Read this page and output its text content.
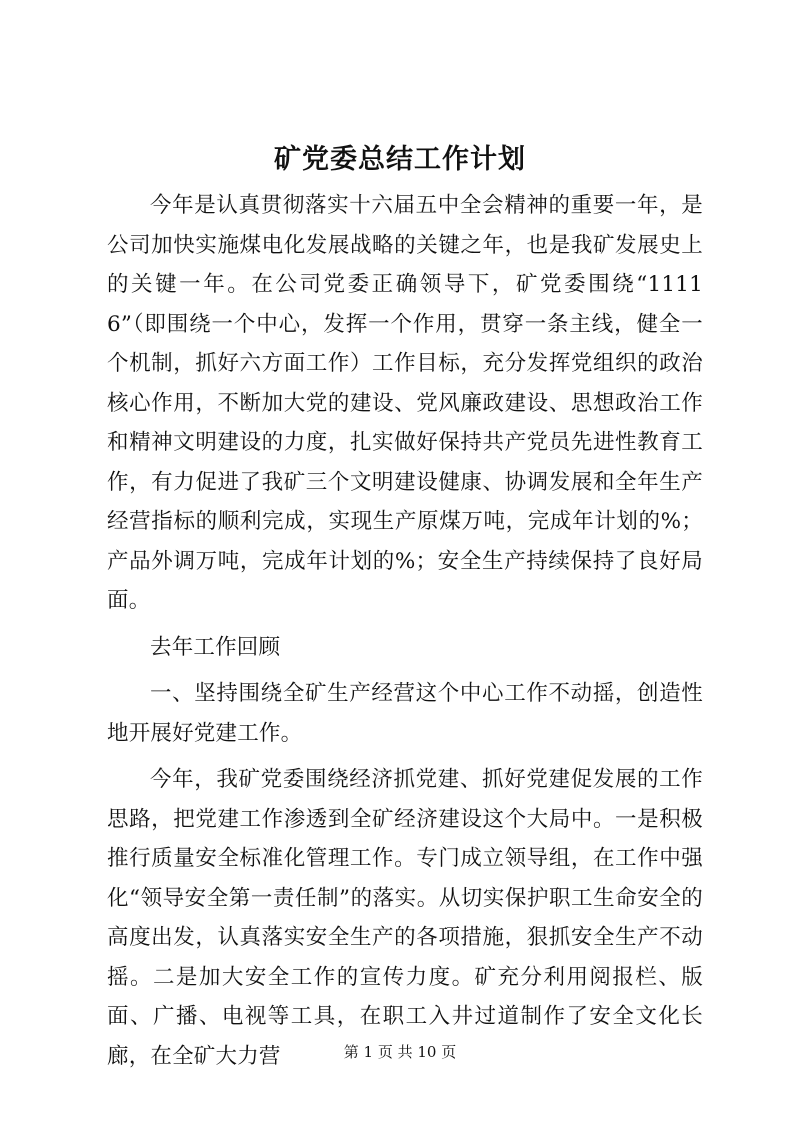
矿党委总结工作计划

今年是认真贯彻落实十六届五中全会精神的重要一年，是公司加快实施煤电化发展战略的关键之年，也是我矿发展史上的关键一年。在公司党委正确领导下，矿党委围绕“11116”（即围绕一个中心，发挥一个作用，贯穿一条主线，健全一个机制，抓好六方面工作）工作目标，充分发挥党组织的政治核心作用，不断加大党的建设、党风廉政建设、思想政治工作和精神文明建设的力度，扎实做好保持共产党员先进性教育工作，有力促进了我矿三个文明建设健康、协调发展和全年生产经营指标的顺利完成，实现生产原煤万吨，完成年计划的%；产品外调万吨，完成年计划的%；安全生产持续保持了良好局面。

去年工作回顾

一、坚持围绕全矿生产经营这个中心工作不动摇，创造性地开展好党建工作。

今年，我矿党委围绕经济抓党建、抓好党建促发展的工作思路，把党建工作渗透到全矿经济建设这个大局中。一是积极推行质量安全标准化管理工作。专门成立领导组，在工作中强化“领导安全第一责任制”的落实。从切实保护职工生命安全的高度出发，认真落实安全生产的各项措施，狠抓安全生产不动摇。二是加大安全工作的宣传力度。矿充分利用阅报栏、版面、广播、电视等工具，在职工入井过道制作了安全文化长廊，在全矿大力营	第 1 页 共 10 页
